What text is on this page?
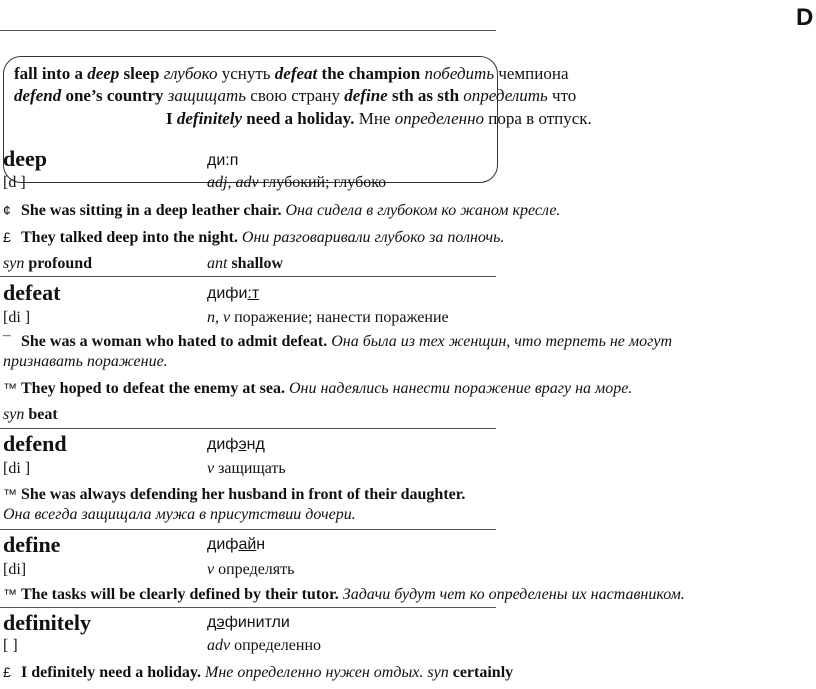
D
fall into a deep sleep глубоко уснуть defeat the champion победить чемпиона
defend one’s country защищать свою страну define sth as sth определить что
I definitely need a holiday. Мне определенно пора в отпуск.
deep	ди:п
[d ]	adj, adv глубокий; глубоко
¢ She was sitting in a deep leather chair. Она сидела в глубоком ко жаном кресле.
£ They talked deep into the night. Они разговаривали глубоко за полночь.
syn profound	ant shallow
defeat	дифи:т
[di ]	n, v поражение; нанести поражение
¯ She was a woman who hated to admit defeat. Она была из тех женщин, что терпеть не могут
признавать поражение.
™ They hoped to defeat the enemy at sea. Они надеялись нанести поражение врагу на море.
syn beat
defend	дифэнд
[di ]	v защищать
™ She was always defending her husband in front of their daughter.
Она всегда защищала мужа в присутствии дочери.
define	дифайн
[di]	v определять
™ The tasks will be clearly defined by their tutor. Задачи будут чет ко определены их наставником.
definitely	дэфинитли
[ ]	adv определенно
£ I definitely need a holiday. Мне определенно нужен отдых. syn certainly
